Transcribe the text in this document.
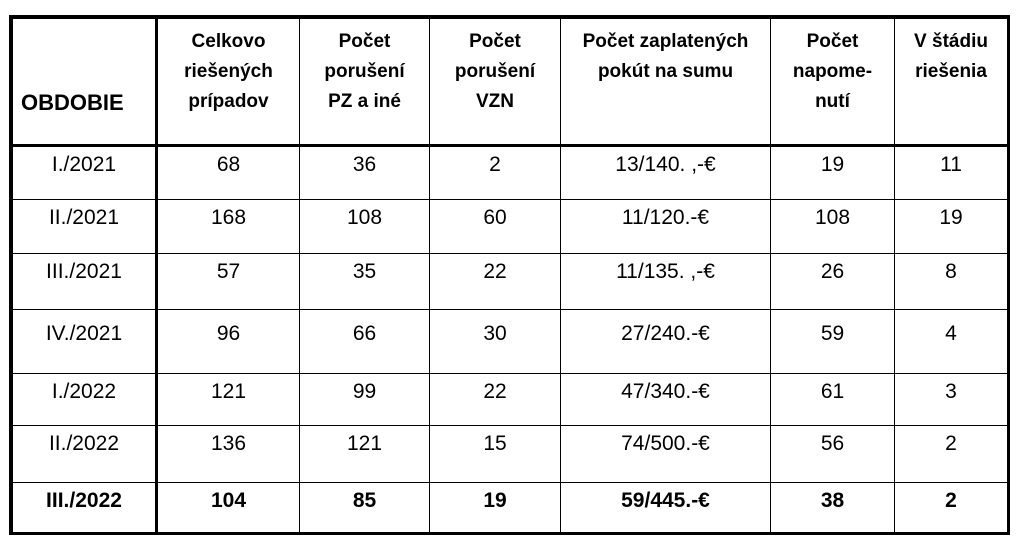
OBDOBIE	Celkovo
riešených
prípadov	Počet
porušení
PZ a iné	Počet
porušení
VZN	Počet zaplatených
pokút na sumu	Počet
napome-
nutí	V štádiu
riešenia
I./2021	68	36	2	13/140. ,-€	19	11
II./2021	168	108	60	11/120.-€	108	19
III./2021	57	35	22	11/135. ,-€	26	8
IV./2021	96	66	30	27/240.-€	59	4
I./2022	121	99	22	47/340.-€	61	3
II./2022	136	121	15	74/500.-€	56	2
III./2022	104	85	19	59/445.-€	38	2
